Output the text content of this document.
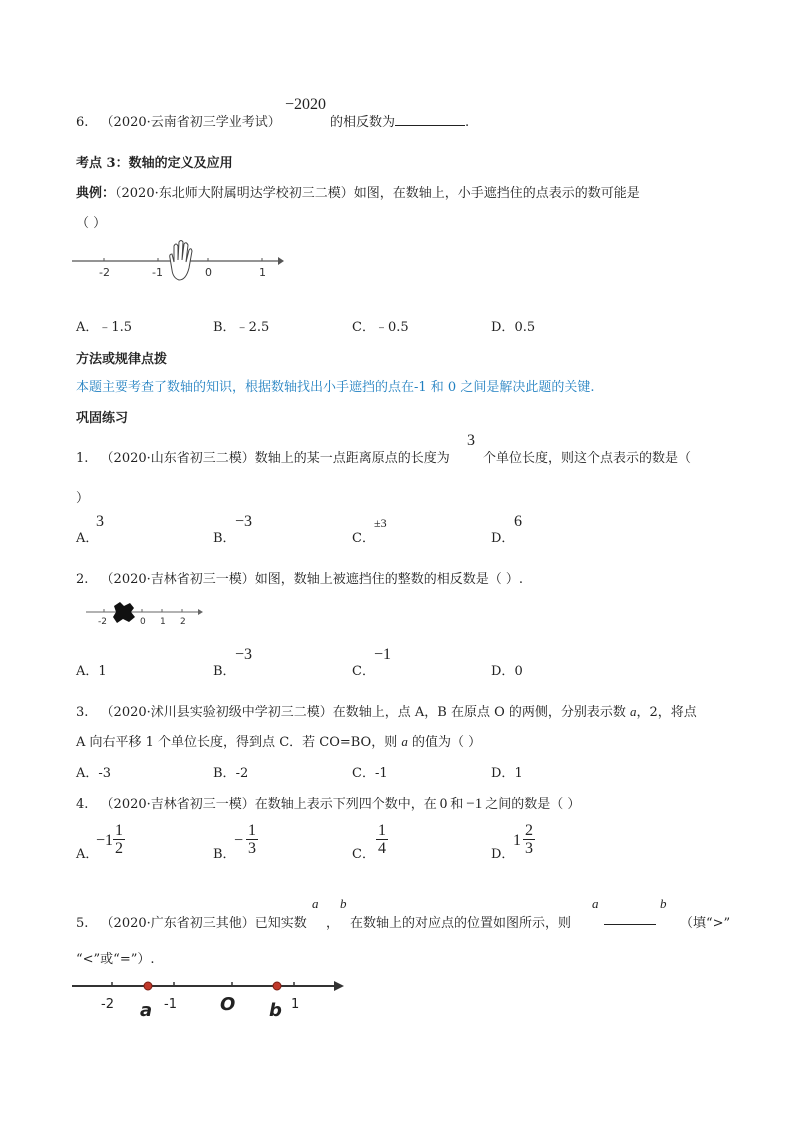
6. （2020·云南省初三学业考试）
−2020
的相反数为	.
考点 3：数轴的定义及应用
典例：（2020·东北师大附属明达学校初三二模）如图，在数轴上，小手遮挡住的点表示的数可能是
（ ）
-2	-1	0	1
A．﹣1.5	B．﹣2.5	C．﹣0.5	D．0.5
方法或规律点拨
本题主要考查了数轴的知识，根据数轴找出小手遮挡的点在-1 和 0 之间是解决此题的关键.
巩固练习
1. （2020·山东省初三二模）数轴上的某一点距离原点的长度为
3
个单位长度，则这个点表示的数是（
）
A．
3
B．
−3
C．
±3
D．
6
2. （2020·吉林省初三一模）如图，数轴上被遮挡住的整数的相反数是（ ）.
-2	0 1 2
A．1	B．
−3
C．
−1
D．0
3. （2020·沭川县实验初级中学初三二模）在数轴上，点 A，B 在原点 O 的两侧，分别表示数 a，2，将点
A 向右平移 1 个单位长度，得到点 C．若 CO=BO，则 a 的值为（ ）
A．-3	B．-2	C．-1	D．1
4. （2020·吉林省初三一模）在数轴上表示下列四个数中，在 0 和 −1 之间的数是（ ）
A．
−1
1
2	B．
−
1
3	C．
1
4	D．
1
2
3
5. （2020·广东省初三其他）已知实数
a
，
b
在数轴上的对应点的位置如图所示，则
a	b
（填“>”
“<”或“=”）.
-2	-1 O	1
a	b
